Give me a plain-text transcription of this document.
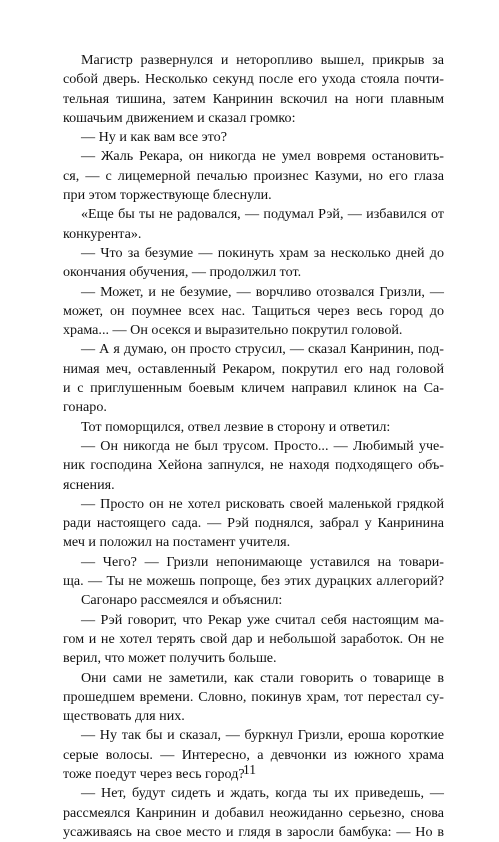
Магистр развернулся и неторопливо вышел, прикрыв за
собой дверь. Несколько секунд после его ухода стояла почти-
тельная тишина, затем Канринин вскочил на ноги плавным
кошачьим движением и сказал громко:
— Ну и как вам все это?
— Жаль Рекара, он никогда не умел вовремя остановить-
ся, — с лицемерной печалью произнес Казуми, но его глаза
при этом торжествующе блеснули.
«Еще бы ты не радовался, — подумал Рэй, — избавился от
конкурента».
— Что за безумие — покинуть храм за несколько дней до
окончания обучения, — продолжил тот.
— Может, и не безумие, — ворчливо отозвался Гризли, —
может, он поумнее всех нас. Тащиться через весь город до
храма... — Он осекся и выразительно покрутил головой.
— А я думаю, он просто струсил, — сказал Канринин, под-
нимая меч, оставленный Рекаром, покрутил его над головой
и с приглушенным боевым кличем направил клинок на Са-
гонаро.
Тот поморщился, отвел лезвие в сторону и ответил:
— Он никогда не был трусом. Просто... — Любимый уче-
ник господина Хейона запнулся, не находя подходящего объ-
яснения.
— Просто он не хотел рисковать своей маленькой грядкой
ради настоящего сада. — Рэй поднялся, забрал у Канринина
меч и положил на постамент учителя.
— Чего? — Гризли непонимающе уставился на товари-
ща. — Ты не можешь попроще, без этих дурацких аллегорий?
Сагонаро рассмеялся и объяснил:
— Рэй говорит, что Рекар уже считал себя настоящим ма-
гом и не хотел терять свой дар и небольшой заработок. Он не
верил, что может получить больше.
Они сами не заметили, как стали говорить о товарище в
прошедшем времени. Словно, покинув храм, тот перестал су-
ществовать для них.
— Ну так бы и сказал, — буркнул Гризли, ероша короткие
серые волосы. — Интересно, а девчонки из южного храма
тоже поедут через весь город?
— Нет, будут сидеть и ждать, когда ты их приведешь, —
рассмеялся Канринин и добавил неожиданно серьезно, снова
усаживаясь на свое место и глядя в заросли бамбука: — Но в
11
